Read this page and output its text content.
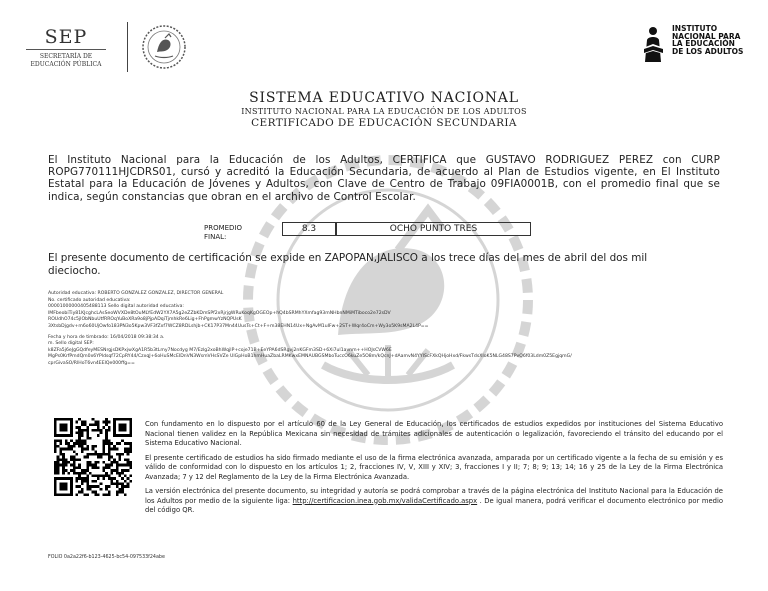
SEP
SECRETARÍA DE
EDUCACIÓN PÚBLICA
INSTITUTO
NACIONAL PARA
LA EDUCACIÓN
DE LOS ADULTOS
SISTEMA EDUCATIVO NACIONAL
INSTITUTO NACIONAL PARA LA EDUCACIÓN DE LOS ADULTOS
CERTIFICADO DE EDUCACIÓN SECUNDARIA
El Instituto Nacional para la Educación de los Adultos, CERTIFICA que GUSTAVO RODRIGUEZ PEREZ con CURP ROPG770111HJCDRS01, cursó y acreditó la Educación Secundaria, de acuerdo al Plan de Estudios vigente, en El Instituto Estatal para la Educación de Jóvenes y Adultos, con Clave de Centro de Trabajo 09FIA0001B, con el promedio final que se indica, según constancias que obran en el archivo de Control Escolar.
PROMEDIO
FINAL:
8.3	OCHO PUNTO TRES
El presente documento de certificación se expide en ZAPOPAN,JALISCO a los trece días del mes de abril del dos mil dieciocho.
Autoridad educativa: ROBERTO GONZALEZ GONZALEZ, DIRECTOR GENERAL
No. certificado autoridad educativa:
00001000000405488113 Sello digital autoridad educativa:
lMFbeobiTiy81KJcghcLAsSeoWVXDe8tOuMLYEdW2YX7A5g2eZZbKDmSPf2xRjrjgWRuKoqKgOGEOp+hQ4bSRMhYXmfag93mNHbnNMiMTiboco2e72sDV
ROUdhO74c5jlObNbuUtfRROqYuBoXRa9o8jPjpADqiTjmhkRe6Lig+FhPgmwYzNQPUsK
3XtsbDjgdv+m6o60UjOwfo183PN3o5Kpw3VF3fZxf7WCZ8RDLshjb+CK17P37Mn44UusTs+Ct+F+m38EHN14Ux+NgAvM1uIFw+2ST+Wqr4oCm+Wy3o5K9sMA2L4P==
Fecha y hora de timbrado: 16/04/2018 09:38:34 a.
m. Sello digital SEP:
k8ZFa5j6eJgGQdfeyMESNrgjsDKPxjwXgA1R5b3tLmy7Nocdyg M7/Ezlg2xoBhWqjlP+coje71B+EeYPA6dSRgvj2nKGFm3SD+6Xi7ul1avnm++HOJsCVW6E
MgPs0KrfPmdQm0x6YPldsqf72CpRY44/CzxqJ+6oHuSMcEIDnVN3WsmVHsSVZe UlGpHoB1hmHuaZbaLRMKwxEMNAUBGSMboTuccO6kuZe5O8m/kQcnJ+dAamvN4YYIScFXkQHjoHxd/FkwsTdsXIoK5NLG48S7PvQ6f03Ldm0Z5EgjqmG/
cprGivaSO/RlHoT6vn4EElQe000ffg==

Con fundamento en lo dispuesto por el artículo 60 de la Ley General de Educación, los certificados de estudios expedidos por instituciones del Sistema Educativo Nacional tienen validez en la República Mexicana sin necesidad de trámites adicionales de autenticación o legalización, favoreciendo el tránsito del educando por el Sistema Educativo Nacional.

El presente certificado de estudios ha sido firmado mediante el uso de la firma electrónica avanzada, amparada por un certificado vigente a la fecha de su emisión y es válido de conformidad con lo dispuesto en los artículos 1; 2, fracciones IV, V, XIII y XIV; 3, fracciones I y II; 7; 8; 9; 13; 14; 16 y 25 de la Ley de la Firma Electrónica Avanzada; 7 y 12 del Reglamento de la Ley de la Firma Electrónica Avanzada.

La versión electrónica del presente documento, su integridad y autoría se podrá comprobar a través de la página electrónica del Instituto Nacional para la Educación de los Adultos por medio de la siguiente liga: http://certificacion.inea.gob.mx/validaCertificado.aspx . De igual manera, podrá verificar el documento electrónico por medio del código QR.

FOLIO 0a2a22f6-b123-4625-bc54-097533f24abe
